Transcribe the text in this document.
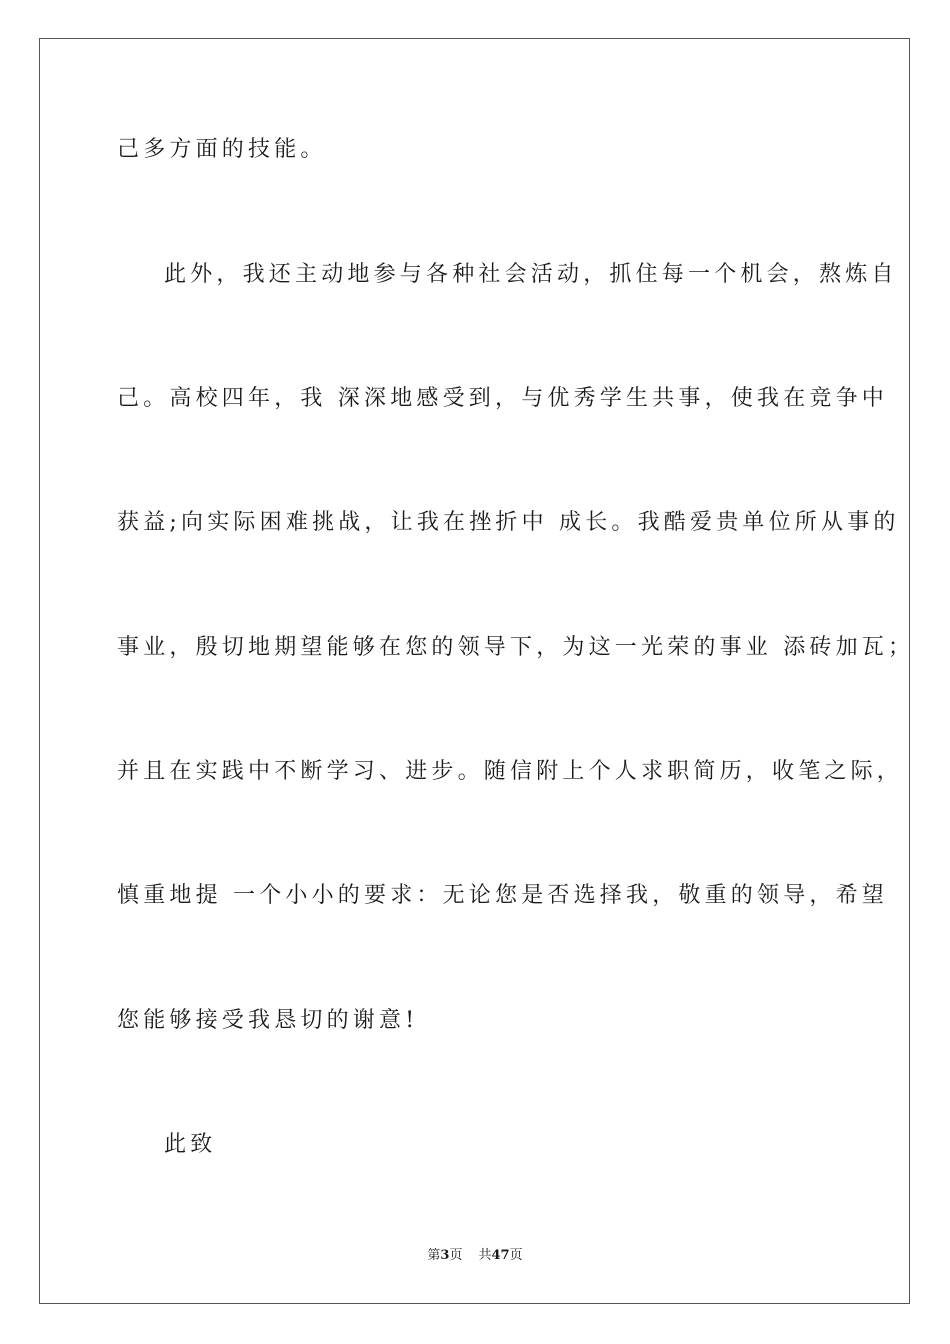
己多方面的技能。
此外，我还主动地参与各种社会活动，抓住每一个机会，熬炼自
己。高校四年，我 深深地感受到，与优秀学生共事，使我在竞争中
获益;向实际困难挑战，让我在挫折中 成长。我酷爱贵单位所从事的
事业，殷切地期望能够在您的领导下，为这一光荣的事业 添砖加瓦；
并且在实践中不断学习、进步。随信附上个人求职简历，收笔之际，
慎重地提 一个小小的要求：无论您是否选择我，敬重的领导，希望
您能够接受我恳切的谢意!
此致
第3页 共47页
